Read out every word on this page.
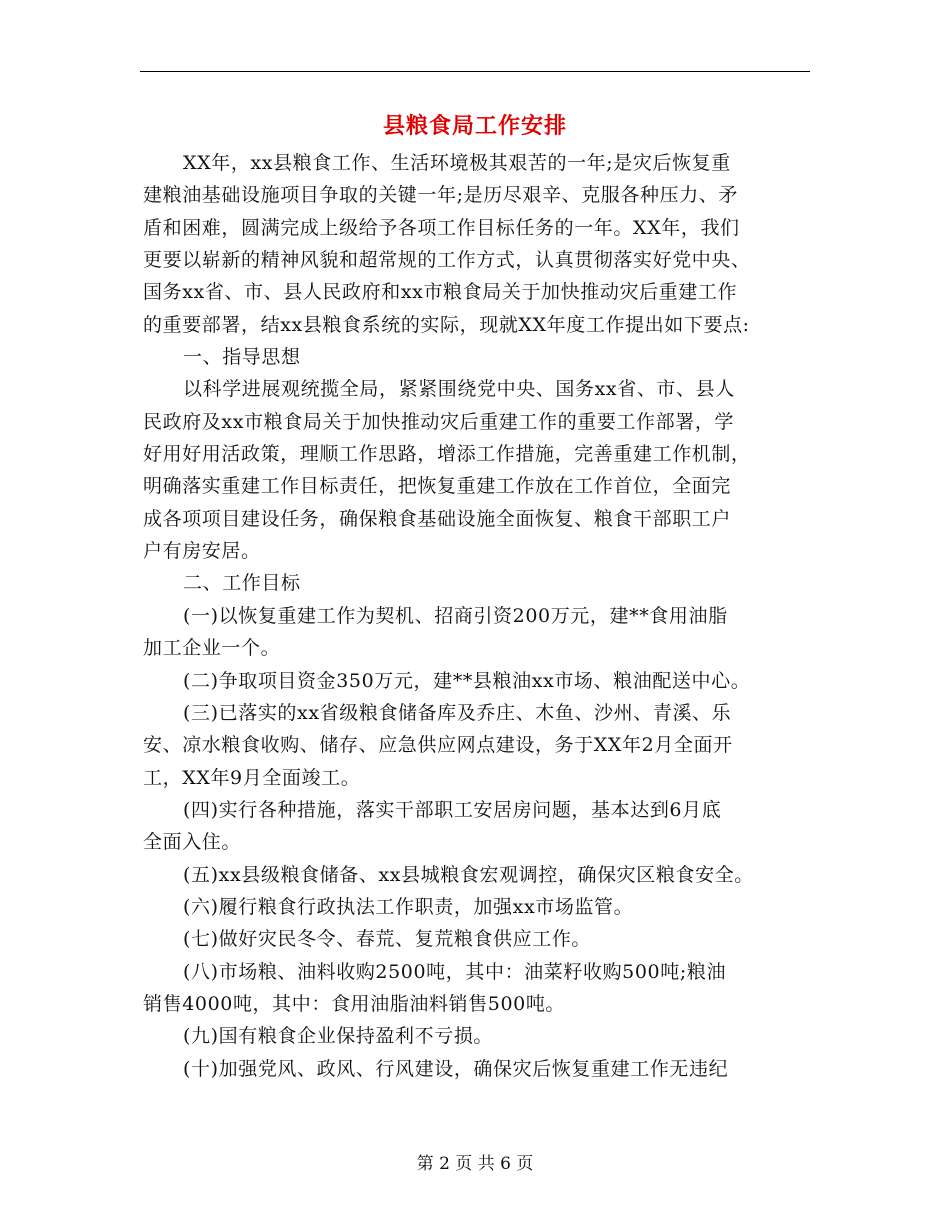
县粮食局工作安排
XX年，xx县粮食工作、生活环境极其艰苦的一年;是灾后恢复重
建粮油基础设施项目争取的关键一年;是历尽艰辛、克服各种压力、矛
盾和困难，圆满完成上级给予各项工作目标任务的一年。XX年，我们
更要以崭新的精神风貌和超常规的工作方式，认真贯彻落实好党中央、
国务xx省、市、县人民政府和xx市粮食局关于加快推动灾后重建工作
的重要部署，结xx县粮食系统的实际，现就XX年度工作提出如下要点:
一、指导思想
以科学进展观统揽全局，紧紧围绕党中央、国务xx省、市、县人
民政府及xx市粮食局关于加快推动灾后重建工作的重要工作部署，学
好用好用活政策，理顺工作思路，增添工作措施，完善重建工作机制，
明确落实重建工作目标责任，把恢复重建工作放在工作首位，全面完
成各项项目建设任务，确保粮食基础设施全面恢复、粮食干部职工户
户有房安居。
二、工作目标
(一)以恢复重建工作为契机、招商引资200万元，建**食用油脂
加工企业一个。
(二)争取项目资金350万元，建**县粮油xx市场、粮油配送中心。
(三)已落实的xx省级粮食储备库及乔庄、木鱼、沙州、青溪、乐
安、凉水粮食收购、储存、应急供应网点建设，务于XX年2月全面开
工，XX年9月全面竣工。
(四)实行各种措施，落实干部职工安居房问题，基本达到6月底
全面入住。
(五)xx县级粮食储备、xx县城粮食宏观调控，确保灾区粮食安全。
(六)履行粮食行政执法工作职责，加强xx市场监管。
(七)做好灾民冬令、春荒、复荒粮食供应工作。
(八)市场粮、油料收购2500吨，其中：油菜籽收购500吨;粮油
销售4000吨，其中：食用油脂油料销售500吨。
(九)国有粮食企业保持盈利不亏损。
(十)加强党风、政风、行风建设，确保灾后恢复重建工作无违纪
第 2 页 共 6 页
